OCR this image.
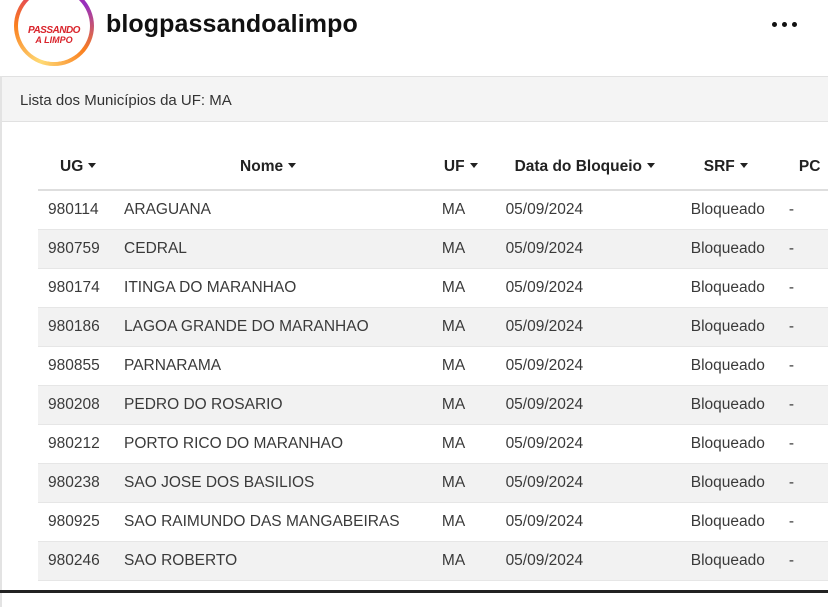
PASSANDO
A LIMPO
blogpassandoalimpo
Lista dos Municípios da UF: MA
UG	Nome	UF	Data do Bloqueio	SRF	PC
980114	ARAGUANA	MA	05/09/2024	Bloqueado	-
980759	CEDRAL	MA	05/09/2024	Bloqueado	-
980174	ITINGA DO MARANHAO	MA	05/09/2024	Bloqueado	-
980186	LAGOA GRANDE DO MARANHAO	MA	05/09/2024	Bloqueado	-
980855	PARNARAMA	MA	05/09/2024	Bloqueado	-
980208	PEDRO DO ROSARIO	MA	05/09/2024	Bloqueado	-
980212	PORTO RICO DO MARANHAO	MA	05/09/2024	Bloqueado	-
980238	SAO JOSE DOS BASILIOS	MA	05/09/2024	Bloqueado	-
980925	SAO RAIMUNDO DAS MANGABEIRAS	MA	05/09/2024	Bloqueado	-
980246	SAO ROBERTO	MA	05/09/2024	Bloqueado	-
